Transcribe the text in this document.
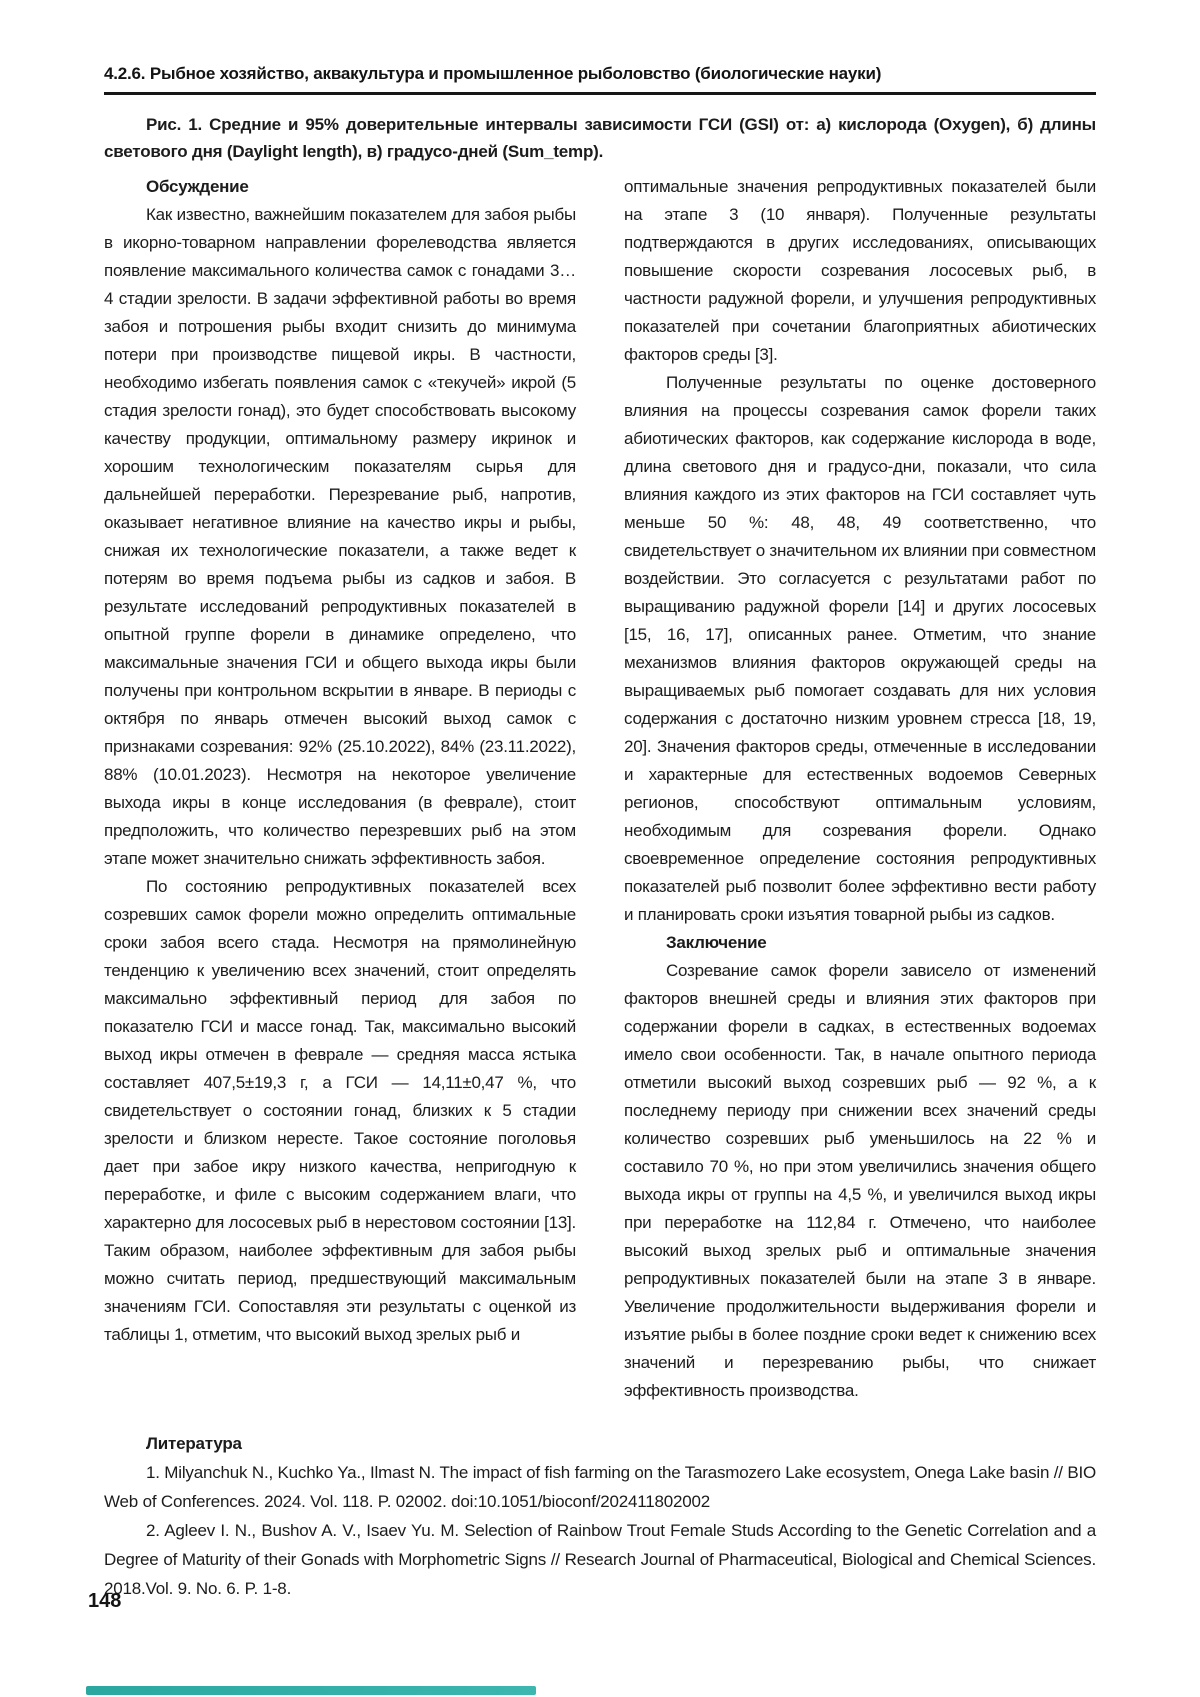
4.2.6. Рыбное хозяйство, аквакультура и промышленное рыболовство (биологические науки)

Рис. 1. Средние и 95% доверительные интервалы зависимости ГСИ (GSI) от: а) кислорода (Oxygen), б) длины светового дня (Daylight length), в) градусо-дней (Sum_temp).

Обсуждение

Как известно, важнейшим показателем для забоя рыбы в икорно-товарном направлении форелеводства является появление максимального количества самок с гонадами 3…4 стадии зрелости. В задачи эффективной работы во время забоя и потрошения рыбы входит снизить до минимума потери при производстве пищевой икры. В частности, необходимо избегать появления самок с «текучей» икрой (5 стадия зрелости гонад), это будет способствовать высокому качеству продукции, оптимальному размеру икринок и хорошим технологическим показателям сырья для дальнейшей переработки. Перезревание рыб, напротив, оказывает негативное влияние на качество икры и рыбы, снижая их технологические показатели, а также ведет к потерям во время подъема рыбы из садков и забоя. В результате исследований репродуктивных показателей в опытной группе форели в динамике определено, что максимальные значения ГСИ и общего выхода икры были получены при контрольном вскрытии в январе. В периоды с октября по январь отмечен высокий выход самок с признаками созревания: 92% (25.10.2022), 84% (23.11.2022), 88% (10.01.2023). Несмотря на некоторое увеличение выхода икры в конце исследования (в феврале), стоит предположить, что количество перезревших рыб на этом этапе может значительно снижать эффективность забоя.

По состоянию репродуктивных показателей всех созревших самок форели можно определить оптимальные сроки забоя всего стада. Несмотря на прямолинейную тенденцию к увеличению всех значений, стоит определять максимально эффективный период для забоя по показателю ГСИ и массе гонад. Так, максимально высокий выход икры отмечен в феврале — средняя масса ястыка составляет 407,5±19,3 г, а ГСИ — 14,11±0,47 %, что свидетельствует о состоянии гонад, близких к 5 стадии зрелости и близком нересте. Такое состояние поголовья дает при забое икру низкого качества, непригодную к переработке, и филе с высоким содержанием влаги, что характерно для лососевых рыб в нерестовом состоянии [13]. Таким образом, наиболее эффективным для забоя рыбы можно считать период, предшествующий максимальным значениям ГСИ. Сопоставляя эти результаты с оценкой из таблицы 1, отметим, что высокий выход зрелых рыб и

оптимальные значения репродуктивных показателей были на этапе 3 (10 января). Полученные результаты подтверждаются в других исследованиях, описывающих повышение скорости созревания лососевых рыб, в частности радужной форели, и улучшения репродуктивных показателей при сочетании благоприятных абиотических факторов среды [3].

Полученные результаты по оценке достоверного влияния на процессы созревания самок форели таких абиотических факторов, как содержание кислорода в воде, длина светового дня и градусо-дни, показали, что сила влияния каждого из этих факторов на ГСИ составляет чуть меньше 50 %: 48, 48, 49 соответственно, что свидетельствует о значительном их влиянии при совместном воздействии. Это согласуется с результатами работ по выращиванию радужной форели [14] и других лососевых [15, 16, 17], описанных ранее. Отметим, что знание механизмов влияния факторов окружающей среды на выращиваемых рыб помогает создавать для них условия содержания с достаточно низким уровнем стресса [18, 19, 20]. Значения факторов среды, отмеченные в исследовании и характерные для естественных водоемов Северных регионов, способствуют оптимальным условиям, необходимым для созревания форели. Однако своевременное определение состояния репродуктивных показателей рыб позволит более эффективно вести работу и планировать сроки изъятия товарной рыбы из садков.

Заключение

Созревание самок форели зависело от изменений факторов внешней среды и влияния этих факторов при содержании форели в садках, в естественных водоемах имело свои особенности. Так, в начале опытного периода отметили высокий выход созревших рыб — 92 %, а к последнему периоду при снижении всех значений среды количество созревших рыб уменьшилось на 22 % и составило 70 %, но при этом увеличились значения общего выхода икры от группы на 4,5 %, и увеличился выход икры при переработке на 112,84 г. Отмечено, что наиболее высокий выход зрелых рыб и оптимальные значения репродуктивных показателей были на этапе 3 в январе. Увеличение продолжительности выдерживания форели и изъятие рыбы в более поздние сроки ведет к снижению всех значений и перезреванию рыбы, что снижает эффективность производства.

Литература

1. Milyanchuk N., Kuchko Ya., Ilmast N. The impact of fish farming on the Tarasmozero Lake ecosystem, Onega Lake basin // BIO Web of Conferences. 2024. Vol. 118. P. 02002. doi:10.1051/bioconf/202411802002

2. Agleev I. N., Bushov A. V., Isaev Yu. M. Selection of Rainbow Trout Female Studs According to the Genetic Correlation and a Degree of Maturity of their Gonads with Morphometric Signs // Research Journal of Pharmaceutical, Biological and Chemical Sciences. 2018.Vol. 9. No. 6. P. 1-8.

148
